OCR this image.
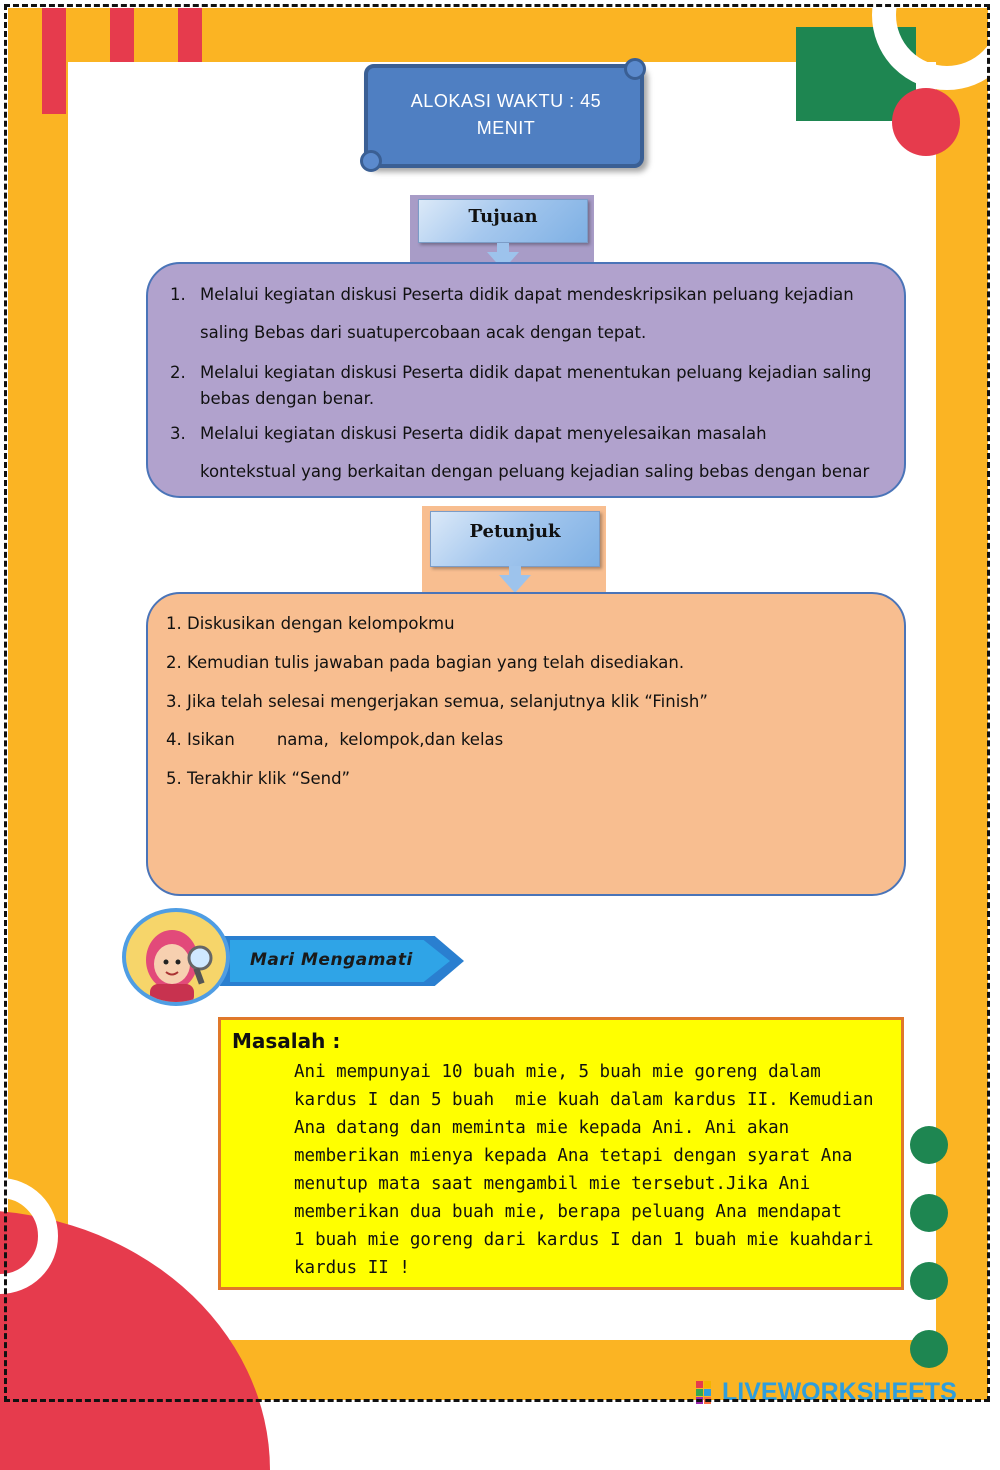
ALOKASI WAKTU : 45
MENIT
Tujuan
1. Melalui kegiatan diskusi Peserta didik dapat mendeskripsikan peluang kejadian
saling Bebas dari suatupercobaan acak dengan tepat.
2. Melalui kegiatan diskusi Peserta didik dapat menentukan peluang kejadian saling
bebas dengan benar.
3. Melalui kegiatan diskusi Peserta didik dapat menyelesaikan masalah
kontekstual yang berkaitan dengan peluang kejadian saling bebas dengan benar
Petunjuk
1. Diskusikan dengan kelompokmu
2. Kemudian tulis jawaban pada bagian yang telah disediakan.
3. Jika telah selesai mengerjakan semua, selanjutnya klik “Finish”
4. Isikan        nama,  kelompok,dan kelas
5. Terakhir klik “Send”
Mari Mengamati
Masalah :
Ani mempunyai 10 buah mie, 5 buah mie goreng dalam
kardus I dan 5 buah  mie kuah dalam kardus II. Kemudian
Ana datang dan meminta mie kepada Ani. Ani akan
memberikan mienya kepada Ana tetapi dengan syarat Ana
menutup mata saat mengambil mie tersebut.Jika Ani
memberikan dua buah mie, berapa peluang Ana mendapat
1 buah mie goreng dari kardus I dan 1 buah mie kuahdari
kardus II !
LIVEWORKSHEETS
